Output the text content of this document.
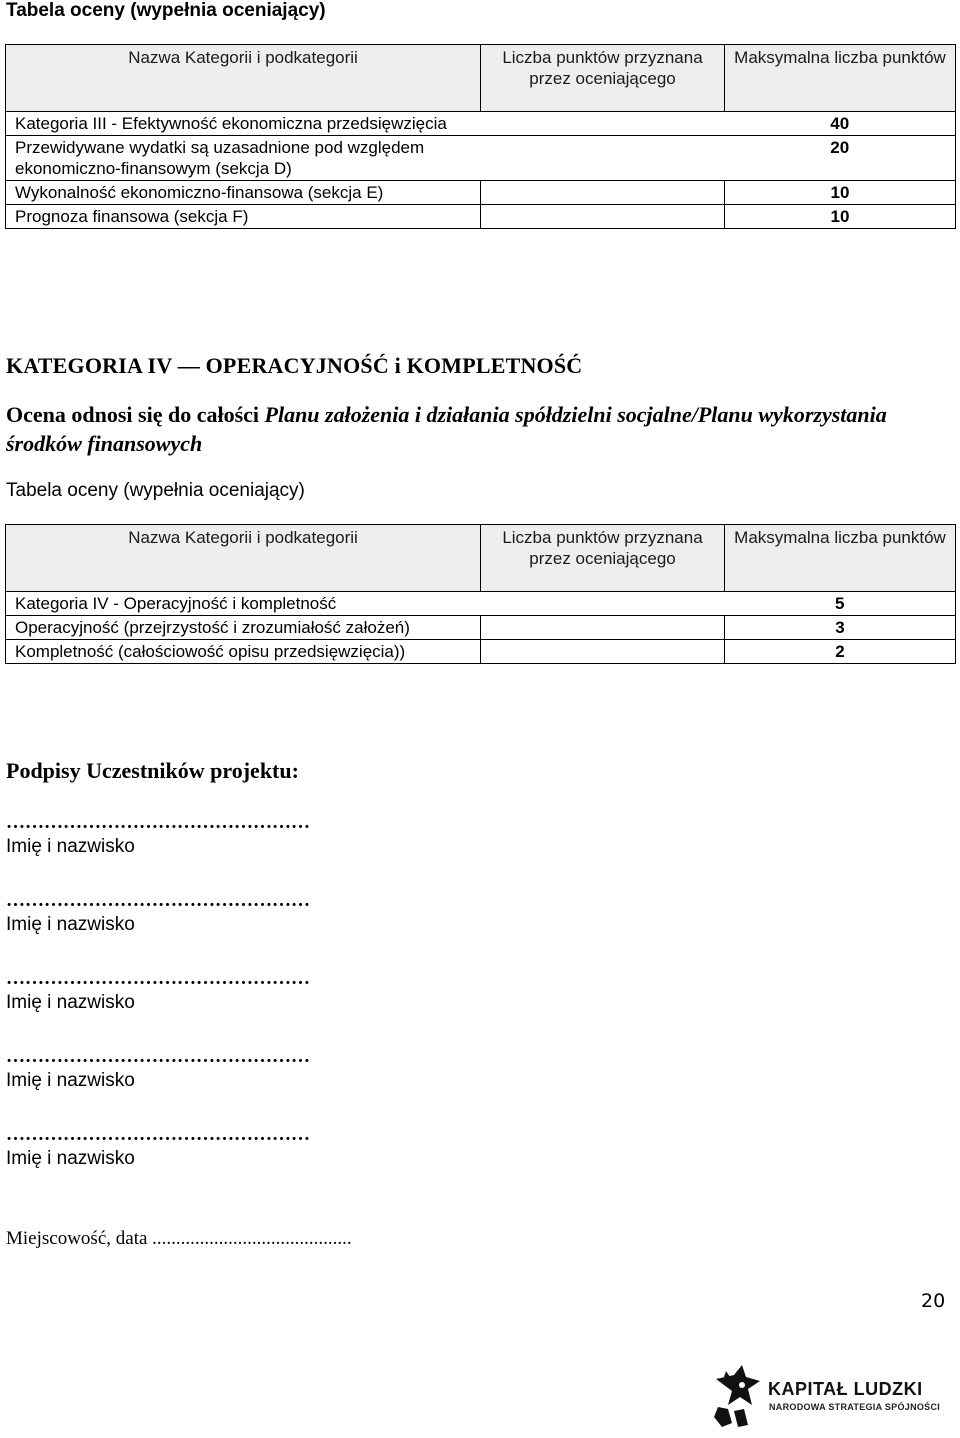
Tabela oceny (wypełnia oceniający)
Nazwa Kategorii i podkategorii	Liczba punktów przyznana przez oceniającego	Maksymalna liczba punktów
Kategoria III - Efektywność ekonomiczna przedsięwzięcia		40
Przewidywane wydatki są uzasadnione pod względem ekonomiczno-finansowym (sekcja D)		20
Wykonalność ekonomiczno-finansowa (sekcja E)		10
Prognoza finansowa (sekcja F)		10
KATEGORIA IV — OPERACYJNOŚĆ i KOMPLETNOŚĆ
Ocena odnosi się do całości Planu założenia i działania spółdzielni socjalne/Planu wykorzystania środków finansowych
Tabela oceny (wypełnia oceniający)
Nazwa Kategorii i podkategorii	Liczba punktów przyznana przez oceniającego	Maksymalna liczba punktów
Kategoria IV - Operacyjność i kompletność		5
Operacyjność (przejrzystość i zrozumiałość założeń)		3
Kompletność (całościowość opisu przedsięwzięcia))		2
Podpisy Uczestników projektu:
…………………………………………
Imię i nazwisko
…………………………………………
Imię i nazwisko
…………………………………………
Imię i nazwisko
…………………………………………
Imię i nazwisko
…………………………………………
Imię i nazwisko
Miejscowość, data ..........................................
20
KAPITAŁ LUDZKI
NARODOWA STRATEGIA SPÓJNOŚCI
